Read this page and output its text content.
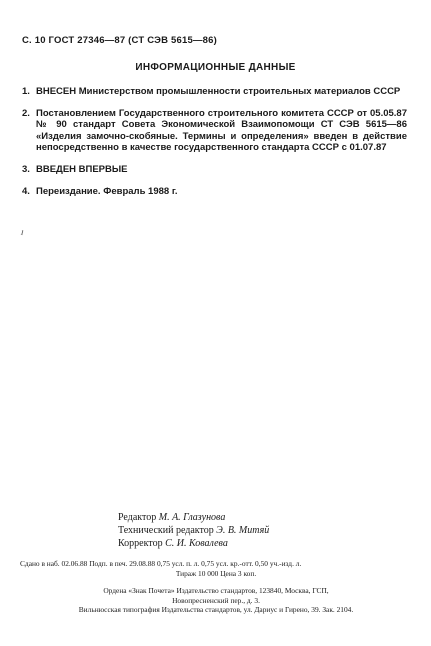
С. 10 ГОСТ 27346—87 (СТ СЭВ 5615—86)
ИНФОРМАЦИОННЫЕ ДАННЫЕ
1. ВНЕСЕН Министерством промышленности строительных материалов СССР
2. Постановлением Государственного строительного комитета СССР от 05.05.87 № 90 стандарт Совета Экономической Взаимопомощи СТ СЭВ 5615—86 «Изделия замочно-скобяные. Термины и определения» введен в действие непосредственно в качестве государственного стандарта СССР с 01.07.87
3. ВВЕДЕН ВПЕРВЫЕ
4. Переиздание. Февраль 1988 г.
ı
Редактор М. А. Глазунова
Технический редактор Э. В. Митяй
Корректор С. И. Ковалева
Сдано в наб. 02.06.88 Подп. в печ. 29.08.88 0,75 усл. п. л. 0,75 усл. кр.-отт. 0,50 уч.-изд. л.
Тираж 10 000 Цена 3 коп.
Ордена «Знак Почета» Издательство стандартов, 123840, Москва, ГСП,
Новопресненский пер., д. 3.
Вильнюсская типография Издательства стандартов, ул. Дариус и Гирено, 39. Зак. 2104.
